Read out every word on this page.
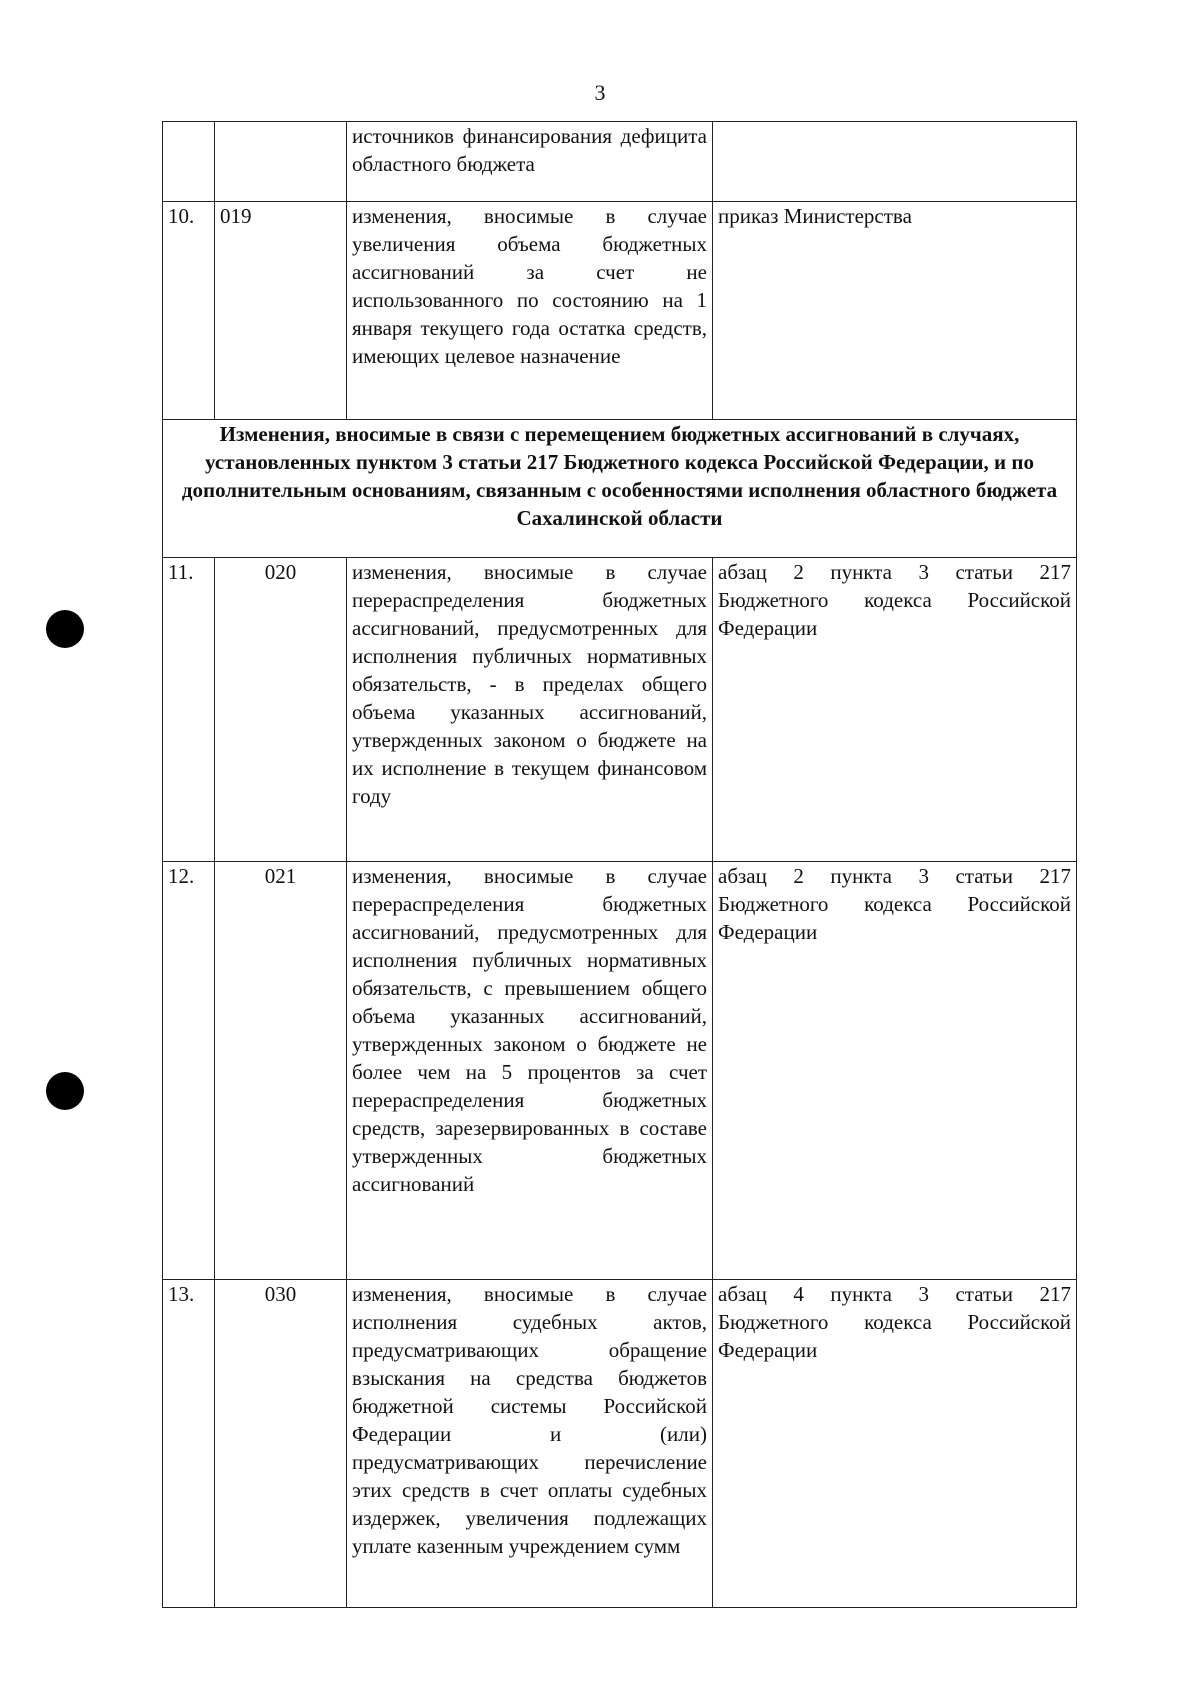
3
		источников финансирования дефицита областного бюджета	
10.	019	изменения, вносимые в случае увеличения объема бюджетных ассигнований за счет не использованного по состоянию на 1 января текущего года остатка средств, имеющих целевое назначение	приказ Министерства
Изменения, вносимые в связи с перемещением бюджетных ассигнований в случаях, установленных пунктом 3 статьи 217 Бюджетного кодекса Российской Федерации, и по дополнительным основаниям, связанным с особенностями исполнения областного бюджета Сахалинской области			
11.	020	изменения, вносимые в случае перераспределения бюджетных ассигнований, предусмотренных для исполнения публичных нормативных обязательств, - в пределах общего объема указанных ассигнований, утвержденных законом о бюджете на их исполнение в текущем финансовом году	абзац 2 пункта 3 статьи 217 Бюджетного кодекса Российской Федерации
12.	021	изменения, вносимые в случае перераспределения бюджетных ассигнований, предусмотренных для исполнения публичных нормативных обязательств, с превышением общего объема указанных ассигнований, утвержденных законом о бюджете не более чем на 5 процентов за счет перераспределения бюджетных средств, зарезервированных в составе утвержденных бюджетных ассигнований	абзац 2 пункта 3 статьи 217 Бюджетного кодекса Российской Федерации
13.	030	изменения, вносимые в случае исполнения судебных актов, предусматривающих обращение взыскания на средства бюджетов бюджетной системы Российской Федерации и (или) предусматривающих перечисление этих средств в счет оплаты судебных издержек, увеличения подлежащих уплате казенным учреждением сумм	абзац 4 пункта 3 статьи 217 Бюджетного кодекса Российской Федерации
